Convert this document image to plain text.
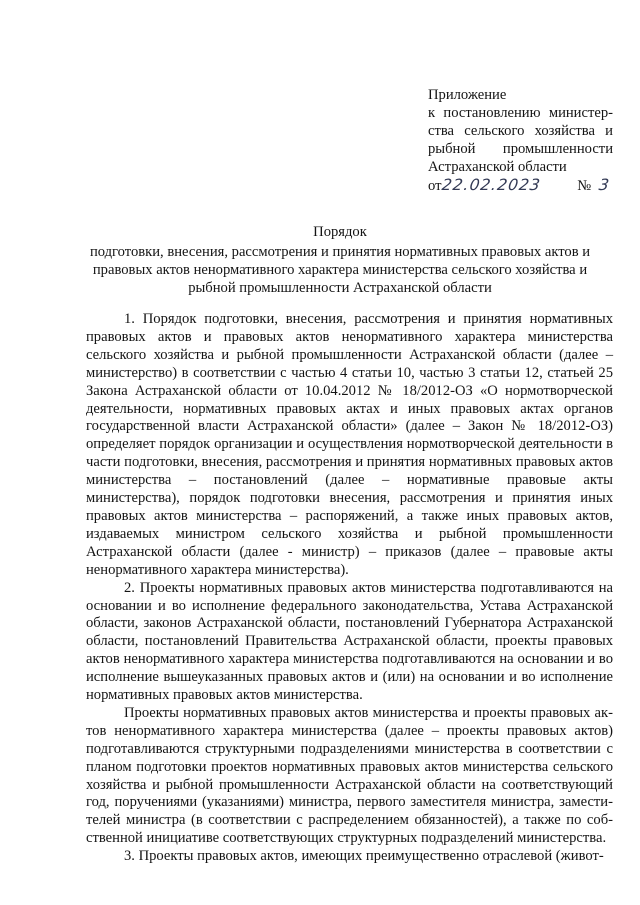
Приложение
к постановлению министер-
ства сельского хозяйства и
рыбной промышленности
Астраханской области
от 22.02.2023 № 3
Порядок
подготовки, внесения, рассмотрения и принятия нормативных правовых актов и
правовых актов ненормативного характера министерства сельского хозяйства и
рыбной промышленности Астраханской области

1. Порядок подготовки, внесения, рассмотрения и принятия нормативных правовых актов и правовых актов ненормативного характера министерства сельского хозяйства и рыбной промышленности Астраханской области (далее – министерство) в соответствии с частью 4 статьи 10, частью 3 статьи 12, статьей 25 Закона Астраханской области от 10.04.2012 № 18/2012-ОЗ «О нормотворческой деятельности, нормативных правовых актах и иных правовых актах органов государственной власти Астраханской области» (далее – Закон № 18/2012-ОЗ) определяет порядок организации и осуществления нормотворческой деятельности в части подготовки, внесения, рассмотрения и принятия нормативных правовых актов министерства – постановлений (далее – нормативные правовые акты министерства), порядок подготовки внесения, рассмотрения и принятия иных правовых актов министерства – распоряжений, а также иных правовых актов, издаваемых министром сельского хозяйства и рыбной промышленности Астраханской области (далее - министр) – приказов (далее – правовые акты ненормативного характера министерства).

2. Проекты нормативных правовых актов министерства подготавливаются на основании и во исполнение федерального законодательства, Устава Астраханской области, законов Астраханской области, постановлений Губернатора Астраханской области, постановлений Правительства Астраханской области, проекты правовых актов ненормативного характера министерства подготавливаются на основании и во исполнение вышеуказанных правовых актов и (или) на основании и во исполнение нормативных правовых актов министерства.

Проекты нормативных правовых актов министерства и проекты правовых актов ненормативного характера министерства (далее – проекты правовых актов) подготавливаются структурными подразделениями министерства в соответствии с планом подготовки проектов нормативных правовых актов министерства сельского хозяйства и рыбной промышленности Астраханской области на соответствующий год, поручениями (указаниями) министра, первого заместителя министра, заместителей министра (в соответствии с распределением обязанностей), а также по собственной инициативе соответствующих структурных подразделений министерства.

3. Проекты правовых актов, имеющих преимущественно отраслевой (живот-
